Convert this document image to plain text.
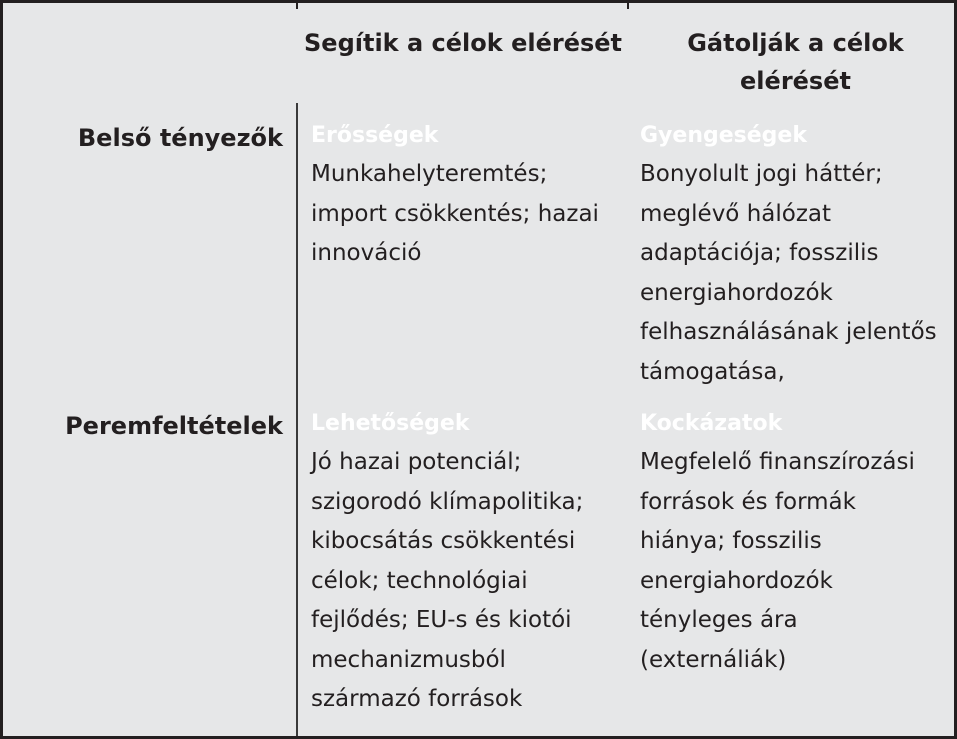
Segítik a célok elérését	Gátolják a célok elérését
Belső tényezők Erősségek
Munkahelyteremtés;
import csökkentés; hazai
innováció
Gyengeségek
Bonyolult jogi háttér;
meglévő hálózat
adaptációja; fosszilis
energiahordozók
felhasználásának jelentős
támogatása,
Peremfeltételek Lehetőségek
Jó hazai potenciál;
szigorodó klímapolitika;
kibocsátás csökkentési
célok; technológiai
fejlődés; EU-s és kiotói
mechanizmusból
származó források
Kockázatok
Megfelelő finanszírozási
források és formák
hiánya; fosszilis
energiahordozók
tényleges ára
(externáliák)
